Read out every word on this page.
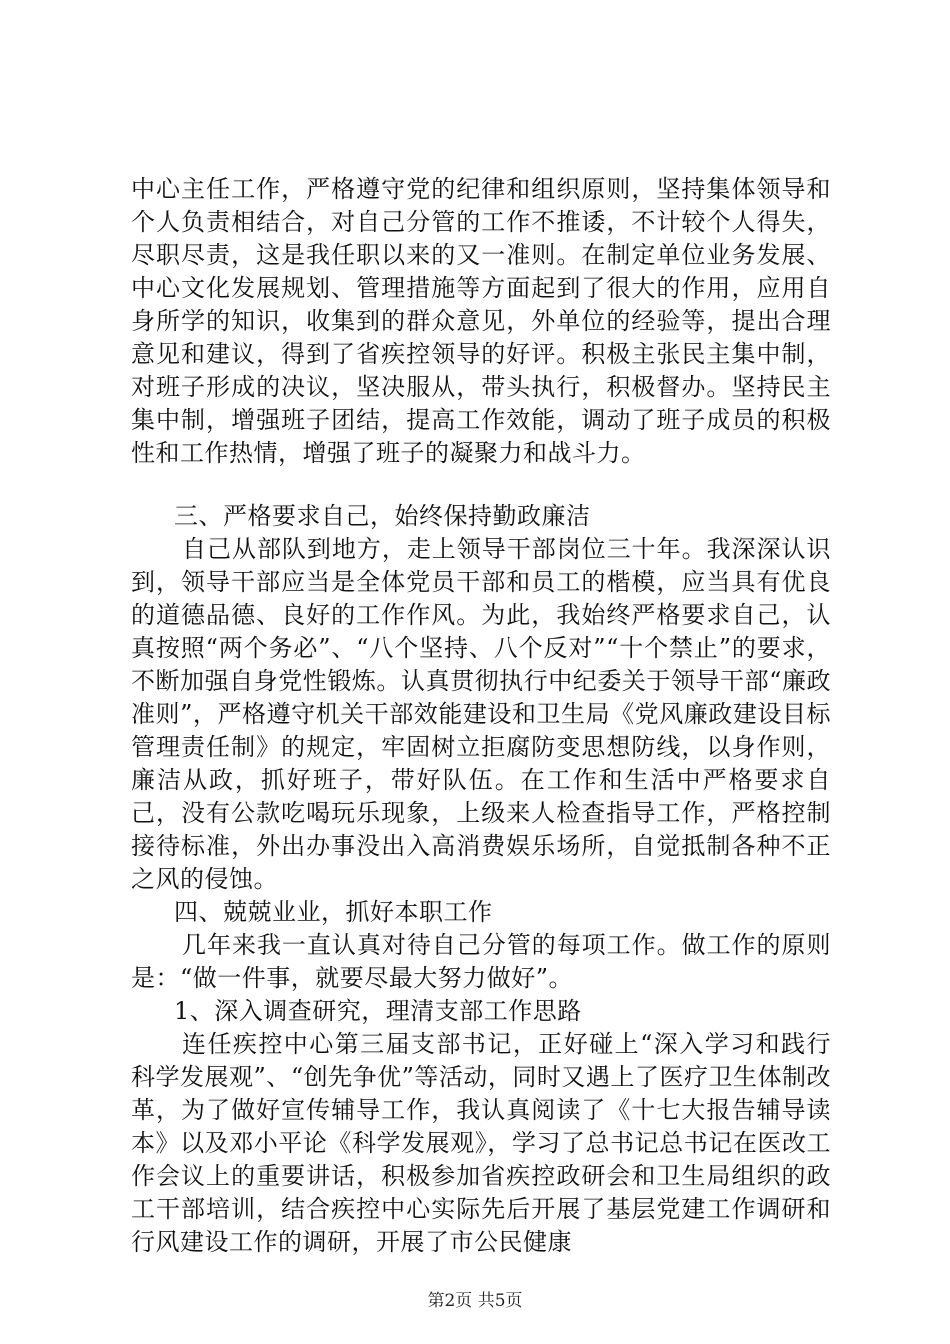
中心主任工作，严格遵守党的纪律和组织原则，坚持集体领导和个人负责相结合，对自己分管的工作不推诿，不计较个人得失，尽职尽责，这是我任职以来的又一准则。在制定单位业务发展、中心文化发展规划、管理措施等方面起到了很大的作用，应用自身所学的知识，收集到的群众意见，外单位的经验等，提出合理意见和建议，得到了省疾控领导的好评。积极主张民主集中制，对班子形成的决议，坚决服从，带头执行，积极督办。坚持民主集中制，增强班子团结，提高工作效能，调动了班子成员的积极性和工作热情，增强了班子的凝聚力和战斗力。

三、严格要求自己，始终保持勤政廉洁

自己从部队到地方，走上领导干部岗位三十年。我深深认识到，领导干部应当是全体党员干部和员工的楷模，应当具有优良的道德品德、良好的工作作风。为此，我始终严格要求自己，认真按照“两个务必”、“八个坚持、八个反对”“十个禁止”的要求，不断加强自身党性锻炼。认真贯彻执行中纪委关于领导干部“廉政准则”，严格遵守机关干部效能建设和卫生局《党风廉政建设目标管理责任制》的规定，牢固树立拒腐防变思想防线，以身作则，廉洁从政，抓好班子，带好队伍。在工作和生活中严格要求自己，没有公款吃喝玩乐现象，上级来人检查指导工作，严格控制接待标准，外出办事没出入高消费娱乐场所，自觉抵制各种不正之风的侵蚀。

四、兢兢业业，抓好本职工作

几年来我一直认真对待自己分管的每项工作。做工作的原则是：“做一件事，就要尽最大努力做好”。

1、深入调查研究，理清支部工作思路

连任疾控中心第三届支部书记，正好碰上“深入学习和践行科学发展观”、“创先争优”等活动，同时又遇上了医疗卫生体制改革，为了做好宣传辅导工作，我认真阅读了《十七大报告辅导读本》以及邓小平论《科学发展观》，学习了总书记总书记在医改工作会议上的重要讲话，积极参加省疾控政研会和卫生局组织的政工干部培训，结合疾控中心实际先后开展了基层党建工作调研和行风建设工作的调研，开展了市公民健康

第2页 共5页
